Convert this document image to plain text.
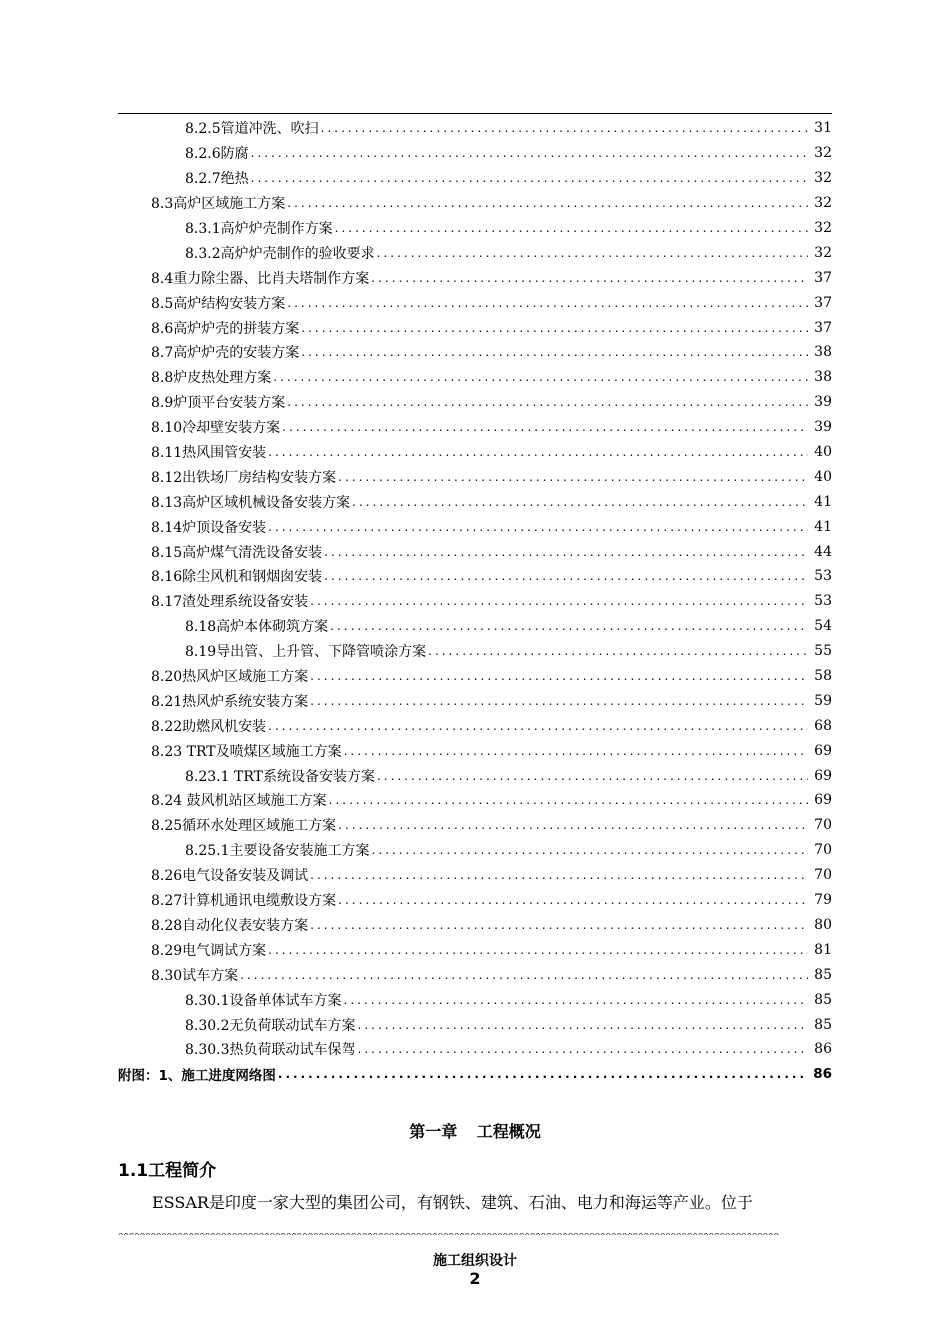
8.2.5管道冲洗、吹扫 .....	31
8.2.6防腐 .....	32
8.2.7绝热 .....	32
8.3高炉区域施工方案 .....	32
8.3.1高炉炉壳制作方案 .....	32
8.3.2高炉炉壳制作的验收要求 .....	32
8.4重力除尘器、比肖夫塔制作方案 .....	37
8.5高炉结构安装方案 .....	37
8.6高炉炉壳的拼装方案 .....	37
8.7高炉炉壳的安装方案 .....	38
8.8炉皮热处理方案 .....	38
8.9炉顶平台安装方案 .....	39
8.10冷却壁安装方案 .....	39
8.11热风围管安装 .....	40
8.12出铁场厂房结构安装方案 .....	40
8.13高炉区域机械设备安装方案 .....	41
8.14炉顶设备安装 .....	41
8.15高炉煤气清洗设备安装 .....	44
8.16除尘风机和钢烟囱安装 .....	53
8.17渣处理系统设备安装 .....	53
8.18高炉本体砌筑方案 .....	54
8.19导出管、上升管、下降管喷涂方案 .....	55
8.20热风炉区域施工方案 .....	58
8.21热风炉系统安装方案 .....	59
8.22助燃风机安装 .....	68
8.23 TRT及喷煤区域施工方案 .....	69
8.23.1 TRT系统设备安装方案 .....	69
8.24 鼓风机站区域施工方案 .....	69
8.25循环水处理区域施工方案 .....	70
8.25.1主要设备安装施工方案 .....	70
8.26电气设备安装及调试 .....	70
8.27计算机通讯电缆敷设方案 .....	79
8.28自动化仪表安装方案 .....	80
8.29电气调试方案 .....	81
8.30试车方案 .....	85
8.30.1设备单体试车方案 .....	85
8.30.2无负荷联动试车方案 .....	85
8.30.3热负荷联动试车保驾 .....	86
附图：1、施工进度网络图 .....	86
第一章 工程概况
1.1工程简介
ESSAR是印度一家大型的集团公司，有钢铁、建筑、石油、电力和海运等产业。位于
^^^^^^^^^^^^^^^^^^^^^^^^^^^^^^^^^^^^^^^^^^^^^^^^^^^^^^^^^^^^^^^^^^^^^^^^^^^^^^^^^^^^^^^^^^^^^^^^^^^^^^^^^^^^^^^^^^^^^^^^^^
施工组织设计
2
